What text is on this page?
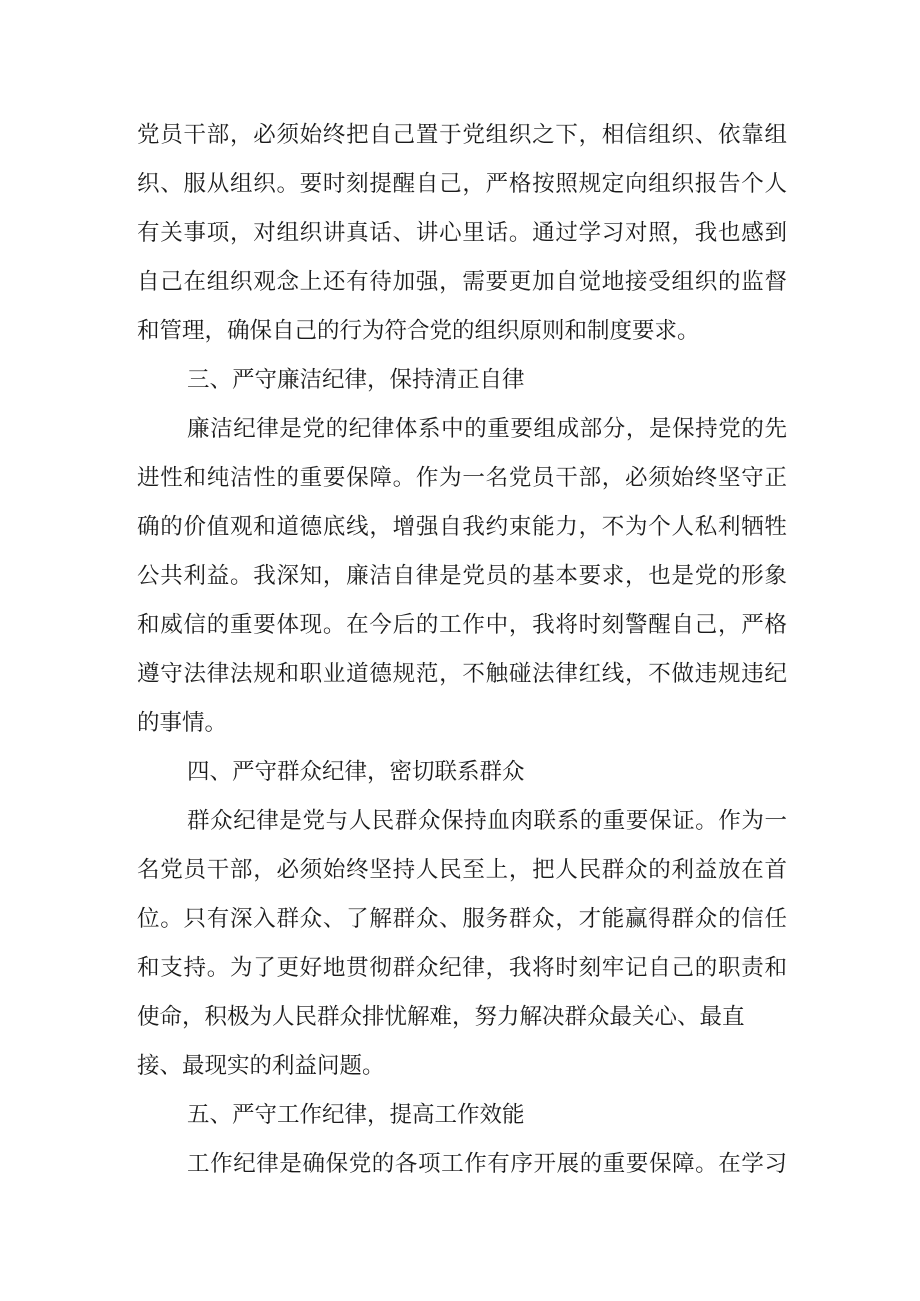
党员干部，必须始终把自己置于党组织之下，相信组织、依靠组
织、服从组织。要时刻提醒自己，严格按照规定向组织报告个人
有关事项，对组织讲真话、讲心里话。通过学习对照，我也感到
自己在组织观念上还有待加强，需要更加自觉地接受组织的监督
和管理，确保自己的行为符合党的组织原则和制度要求。
三、严守廉洁纪律，保持清正自律
廉洁纪律是党的纪律体系中的重要组成部分，是保持党的先
进性和纯洁性的重要保障。作为一名党员干部，必须始终坚守正
确的价值观和道德底线，增强自我约束能力，不为个人私利牺牲
公共利益。我深知，廉洁自律是党员的基本要求，也是党的形象
和威信的重要体现。在今后的工作中，我将时刻警醒自己，严格
遵守法律法规和职业道德规范，不触碰法律红线，不做违规违纪
的事情。
四、严守群众纪律，密切联系群众
群众纪律是党与人民群众保持血肉联系的重要保证。作为一
名党员干部，必须始终坚持人民至上，把人民群众的利益放在首
位。只有深入群众、了解群众、服务群众，才能赢得群众的信任
和支持。为了更好地贯彻群众纪律，我将时刻牢记自己的职责和
使命，积极为人民群众排忧解难，努力解决群众最关心、最直
接、最现实的利益问题。
五、严守工作纪律，提高工作效能
工作纪律是确保党的各项工作有序开展的重要保障。在学习
